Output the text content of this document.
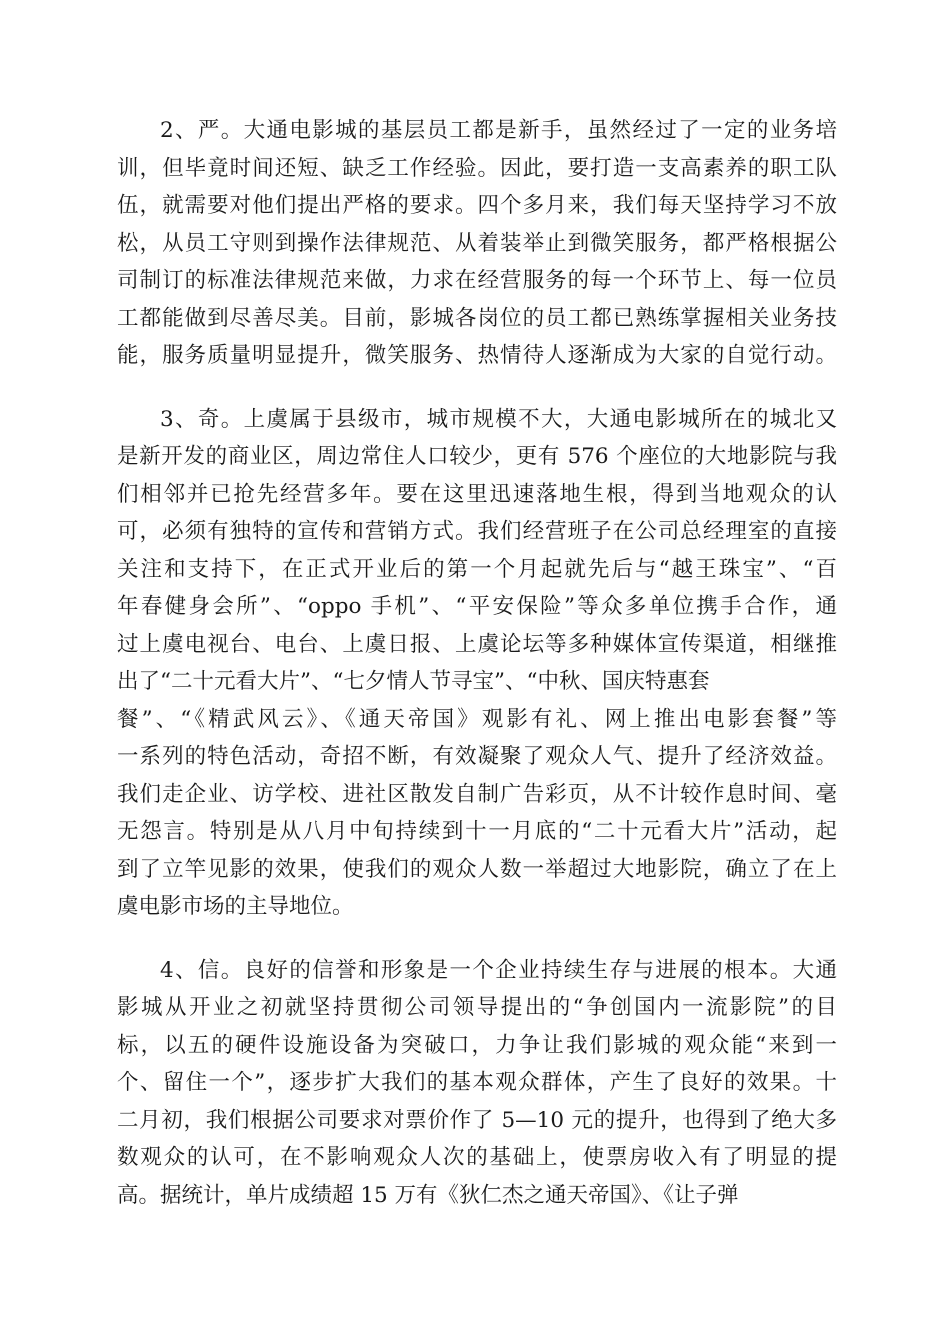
2、严。大通电影城的基层员工都是新手，虽然经过了一定的业务培
训，但毕竟时间还短、缺乏工作经验。因此，要打造一支高素养的职工队
伍，就需要对他们提出严格的要求。四个多月来，我们每天坚持学习不放
松，从员工守则到操作法律规范、从着装举止到微笑服务，都严格根据公
司制订的标准法律规范来做，力求在经营服务的每一个环节上、每一位员
工都能做到尽善尽美。目前，影城各岗位的员工都已熟练掌握相关业务技
能，服务质量明显提升，微笑服务、热情待人逐渐成为大家的自觉行动。
3、奇。上虞属于县级市，城市规模不大，大通电影城所在的城北又
是新开发的商业区，周边常住人口较少，更有 576 个座位的大地影院与我
们相邻并已抢先经营多年。要在这里迅速落地生根，得到当地观众的认
可，必须有独特的宣传和营销方式。我们经营班子在公司总经理室的直接
关注和支持下，在正式开业后的第一个月起就先后与“越王珠宝”、“百
年春健身会所”、“oppo 手机”、“平安保险”等众多单位携手合作，通
过上虞电视台、电台、上虞日报、上虞论坛等多种媒体宣传渠道，相继推
出了“二十元看大片”、“七夕情人节寻宝”、“中秋、国庆特惠套
餐”、“《精武风云》、《通天帝国》观影有礼、网上推出电影套餐”等
一系列的特色活动，奇招不断，有效凝聚了观众人气、提升了经济效益。
我们走企业、访学校、进社区散发自制广告彩页，从不计较作息时间、毫
无怨言。特别是从八月中旬持续到十一月底的“二十元看大片”活动，起
到了立竿见影的效果，使我们的观众人数一举超过大地影院，确立了在上
虞电影市场的主导地位。
4、信。良好的信誉和形象是一个企业持续生存与进展的根本。大通
影城从开业之初就坚持贯彻公司领导提出的“争创国内一流影院”的目
标，以五的硬件设施设备为突破口，力争让我们影城的观众能“来到一
个、留住一个”，逐步扩大我们的基本观众群体，产生了良好的效果。十
二月初，我们根据公司要求对票价作了 5—10 元的提升，也得到了绝大多
数观众的认可，在不影响观众人次的基础上，使票房收入有了明显的提
高。据统计，单片成绩超 15 万有《狄仁杰之通天帝国》、《让子弹
